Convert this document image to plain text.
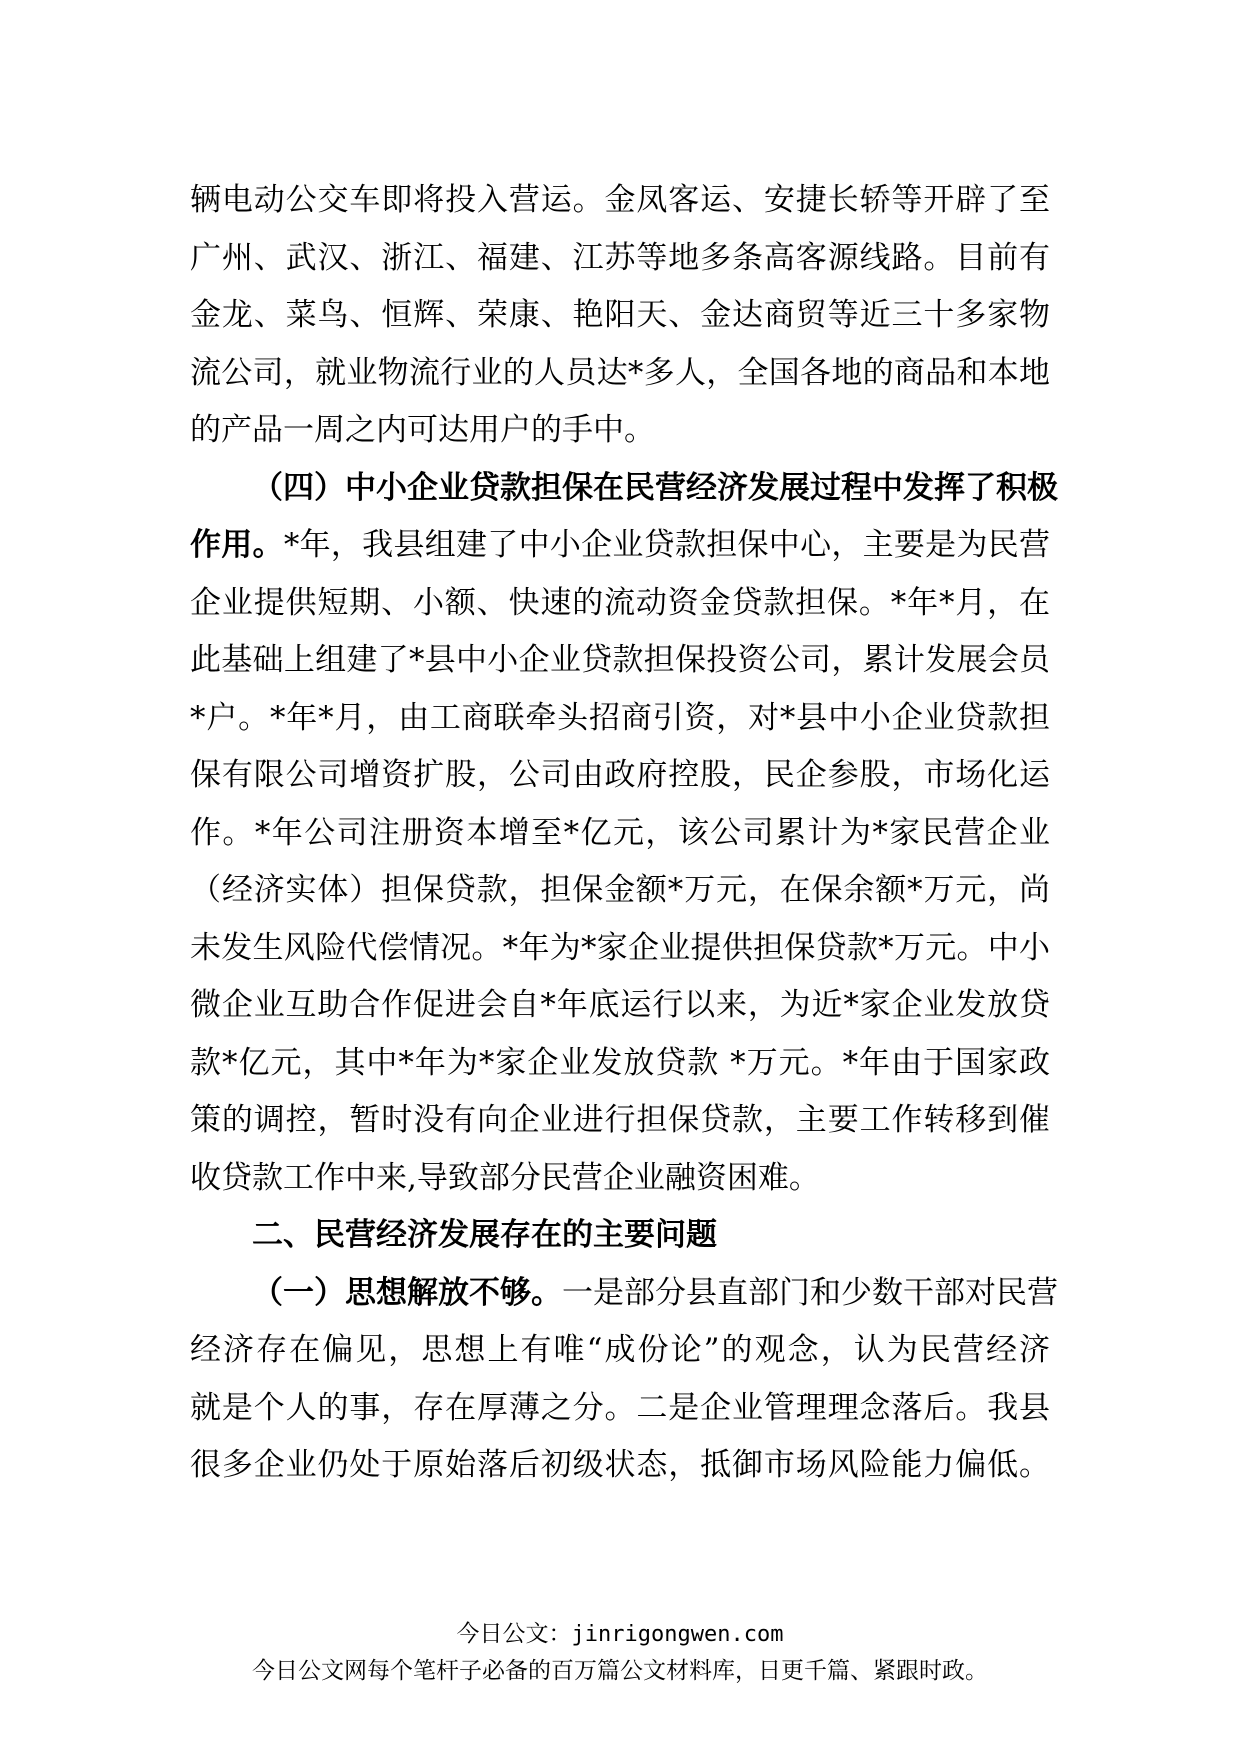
辆电动公交车即将投入营运。金凤客运、安捷长轿等开辟了至
广州、武汉、浙江、福建、江苏等地多条高客源线路。目前有
金龙、菜鸟、恒辉、荣康、艳阳天、金达商贸等近三十多家物
流公司，就业物流行业的人员达*多人，全国各地的商品和本地
的产品一周之内可达用户的手中。
（四）中小企业贷款担保在民营经济发展过程中发挥了积极
作用。*年，我县组建了中小企业贷款担保中心，主要是为民营
企业提供短期、小额、快速的流动资金贷款担保。*年*月，在
此基础上组建了*县中小企业贷款担保投资公司，累计发展会员
*户。*年*月，由工商联牵头招商引资，对*县中小企业贷款担
保有限公司增资扩股，公司由政府控股，民企参股，市场化运
作。*年公司注册资本增至*亿元，该公司累计为*家民营企业
（经济实体）担保贷款，担保金额*万元，在保余额*万元，尚
未发生风险代偿情况。*年为*家企业提供担保贷款*万元。中小
微企业互助合作促进会自*年底运行以来，为近*家企业发放贷
款*亿元，其中*年为*家企业发放贷款 *万元。*年由于国家政
策的调控，暂时没有向企业进行担保贷款，主要工作转移到催
收贷款工作中来,导致部分民营企业融资困难。
二、民营经济发展存在的主要问题
（一）思想解放不够。一是部分县直部门和少数干部对民营
经济存在偏见，思想上有唯“成份论”的观念，认为民营经济
就是个人的事，存在厚薄之分。二是企业管理理念落后。我县
很多企业仍处于原始落后初级状态，抵御市场风险能力偏低。
今日公文：jinrigongwen.com
今日公文网每个笔杆子必备的百万篇公文材料库，日更千篇、紧跟时政。
